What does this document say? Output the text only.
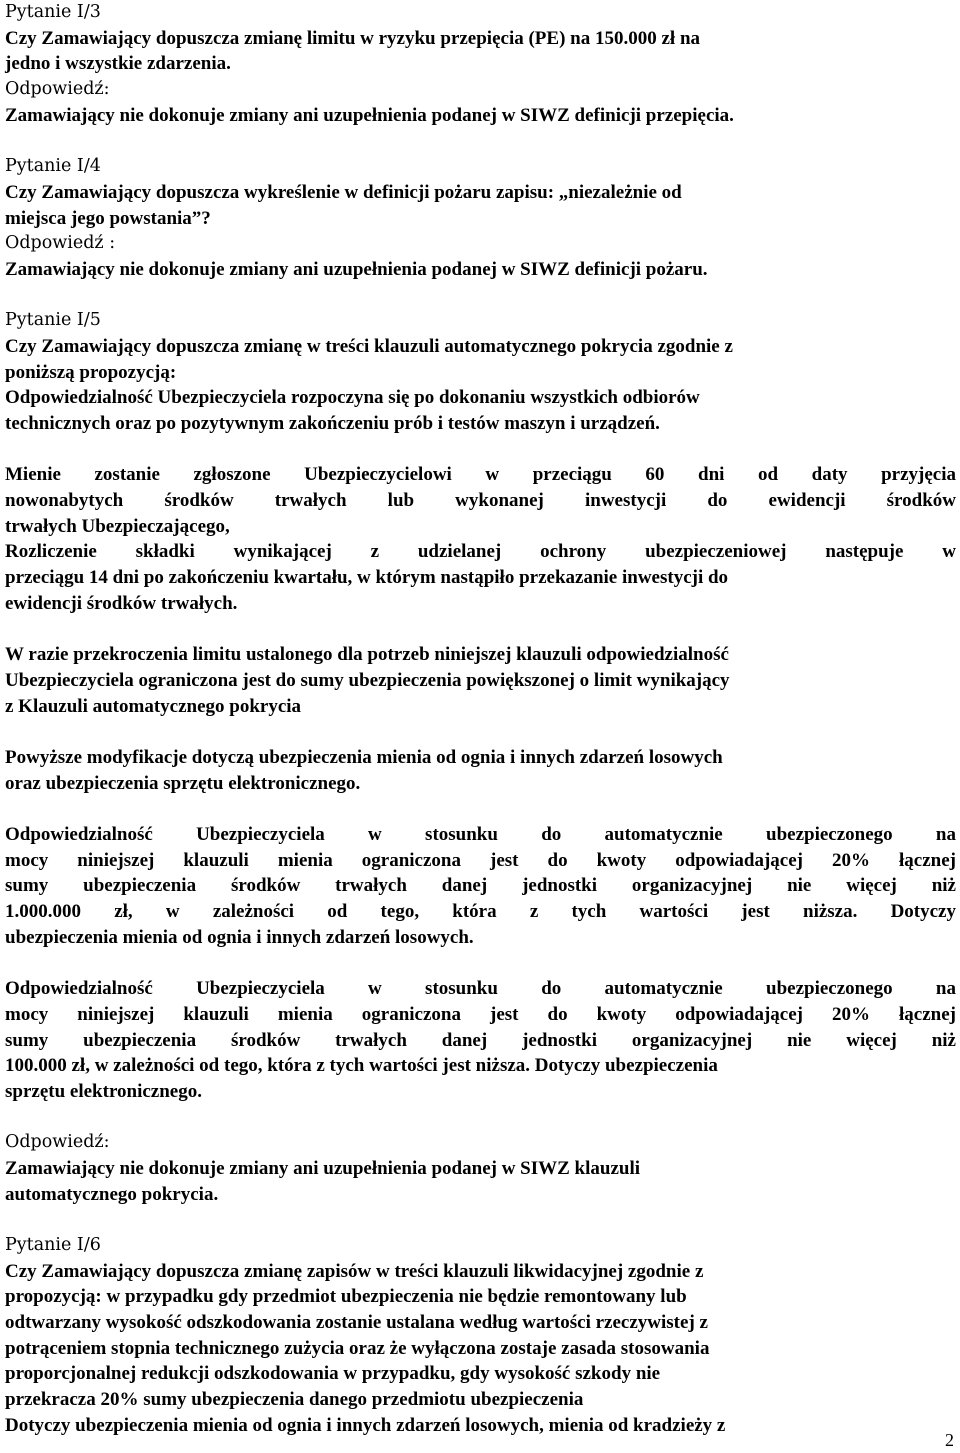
Pytanie I/3
Czy Zamawiający dopuszcza zmianę limitu w ryzyku przepięcia (PE) na 150.000 zł na
jedno i wszystkie zdarzenia.
Odpowiedź:
Zamawiający nie dokonuje zmiany ani uzupełnienia podanej w SIWZ definicji przepięcia.
Pytanie I/4
Czy Zamawiający dopuszcza wykreślenie w definicji pożaru zapisu: „niezależnie od
miejsca jego powstania”?
Odpowiedź :
Zamawiający nie dokonuje zmiany ani uzupełnienia podanej w SIWZ definicji pożaru.
Pytanie I/5
Czy Zamawiający dopuszcza zmianę w treści klauzuli automatycznego pokrycia zgodnie z
poniższą propozycją:
Odpowiedzialność Ubezpieczyciela rozpoczyna się po dokonaniu wszystkich odbiorów
technicznych oraz po pozytywnym zakończeniu prób i testów maszyn i urządzeń.
Mienie zostanie zgłoszone Ubezpieczycielowi w przeciągu 60 dni od daty przyjęcia
nowonabytych środków trwałych lub wykonanej inwestycji do ewidencji środków
trwałych Ubezpieczającego,
Rozliczenie składki wynikającej z udzielanej ochrony ubezpieczeniowej następuje w
przeciągu 14 dni po zakończeniu kwartału, w którym nastąpiło przekazanie inwestycji do
ewidencji środków trwałych.
W razie przekroczenia limitu ustalonego dla potrzeb niniejszej klauzuli odpowiedzialność
Ubezpieczyciela ograniczona jest do sumy ubezpieczenia powiększonej o limit wynikający
z Klauzuli automatycznego pokrycia
Powyższe modyfikacje dotyczą ubezpieczenia mienia od ognia i innych zdarzeń losowych
oraz ubezpieczenia sprzętu elektronicznego.
Odpowiedzialność Ubezpieczyciela w stosunku do automatycznie ubezpieczonego na
mocy niniejszej klauzuli mienia ograniczona jest do kwoty odpowiadającej 20% łącznej
sumy ubezpieczenia środków trwałych danej jednostki organizacyjnej nie więcej niż
1.000.000 zł, w zależności od tego, która z tych wartości jest niższa. Dotyczy
ubezpieczenia mienia od ognia i innych zdarzeń losowych.
Odpowiedzialność Ubezpieczyciela w stosunku do automatycznie ubezpieczonego na
mocy niniejszej klauzuli mienia ograniczona jest do kwoty odpowiadającej 20% łącznej
sumy ubezpieczenia środków trwałych danej jednostki organizacyjnej nie więcej niż
100.000 zł, w zależności od tego, która z tych wartości jest niższa. Dotyczy ubezpieczenia
sprzętu elektronicznego.
Odpowiedź:
Zamawiający nie dokonuje zmiany ani uzupełnienia podanej w SIWZ klauzuli
automatycznego pokrycia.
Pytanie I/6
Czy Zamawiający dopuszcza zmianę zapisów w treści klauzuli likwidacyjnej zgodnie z
propozycją: w przypadku gdy przedmiot ubezpieczenia nie będzie remontowany lub
odtwarzany wysokość odszkodowania zostanie ustalana według wartości rzeczywistej z
potrąceniem stopnia technicznego zużycia oraz że wyłączona zostaje zasada stosowania
proporcjonalnej redukcji odszkodowania w przypadku, gdy wysokość szkody nie
przekracza 20% sumy ubezpieczenia danego przedmiotu ubezpieczenia
Dotyczy ubezpieczenia mienia od ognia i innych zdarzeń losowych, mienia od kradzieży z
2
